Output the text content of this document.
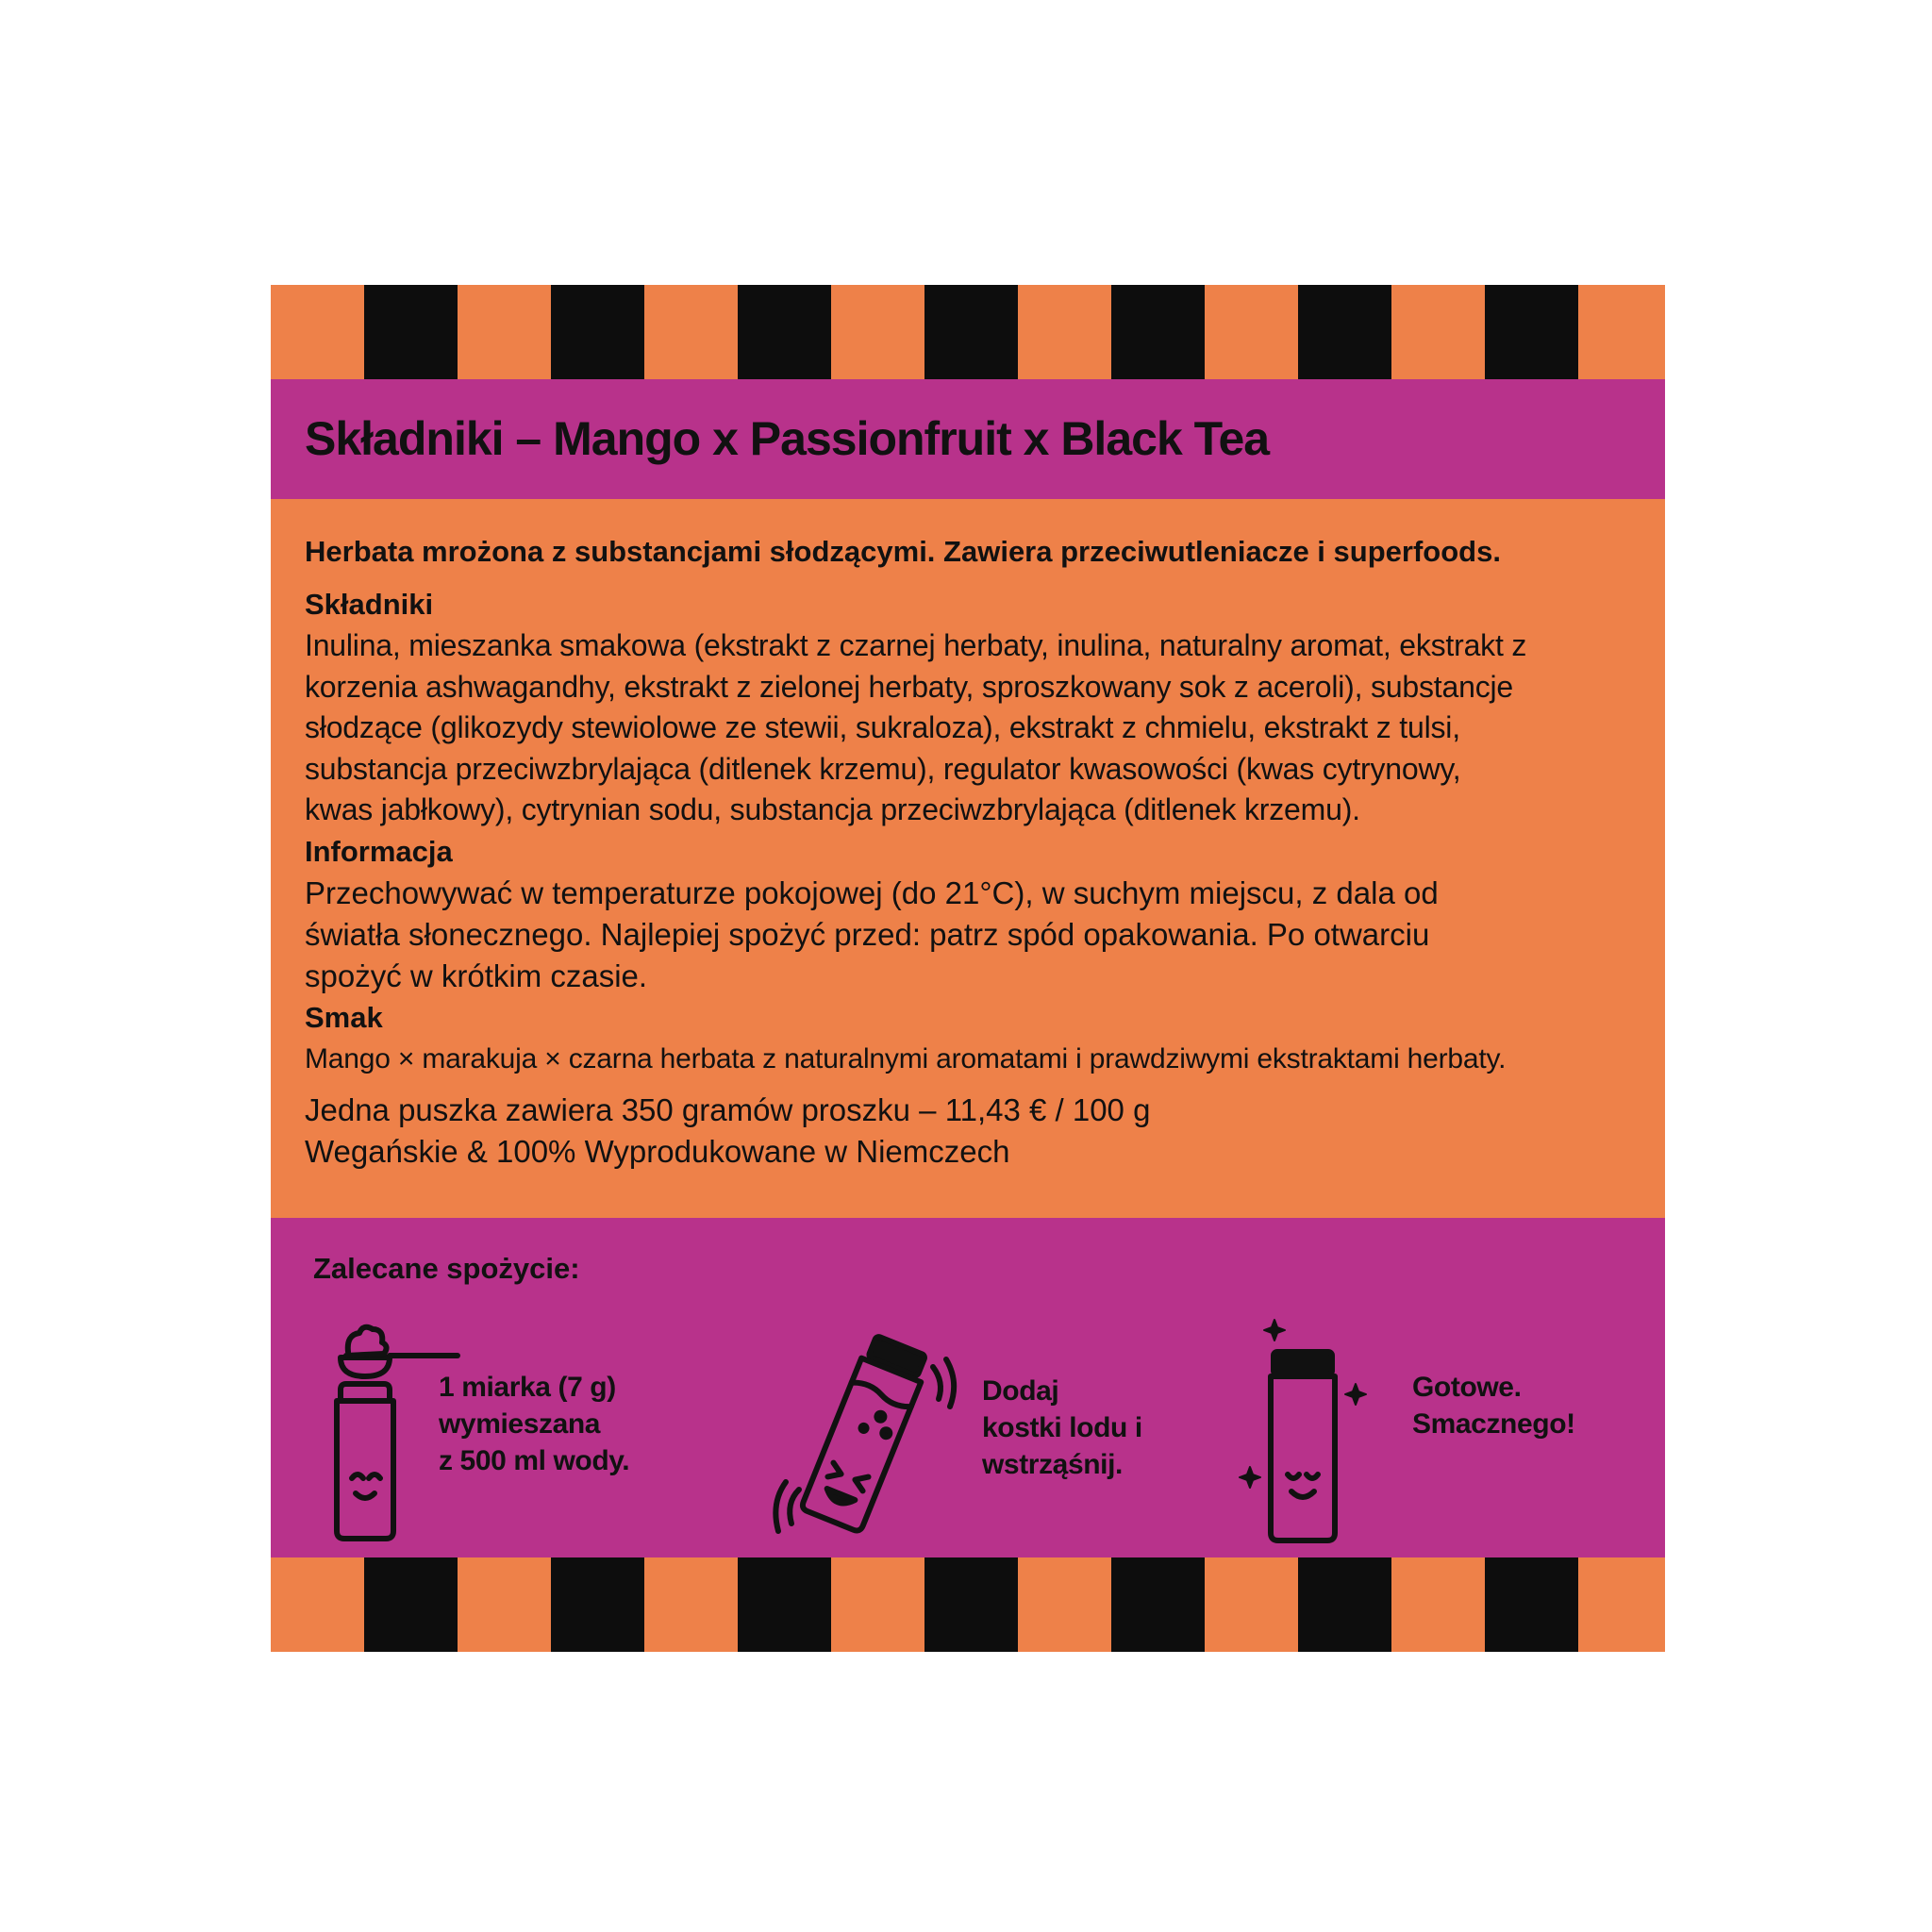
Składniki – Mango x Passionfruit x Black Tea

Herbata mrożona z substancjami słodzącymi. Zawiera przeciwutleniacze i superfoods.

Składniki

Inulina, mieszanka smakowa (ekstrakt z czarnej herbaty, inulina, naturalny aromat, ekstrakt z
korzenia ashwagandhy, ekstrakt z zielonej herbaty, sproszkowany sok z aceroli), substancje
słodzące (glikozydy stewiolowe ze stewii, sukraloza), ekstrakt z chmielu, ekstrakt z tulsi,
substancja przeciwzbrylająca (ditlenek krzemu), regulator kwasowości (kwas cytrynowy,
kwas jabłkowy), cytrynian sodu, substancja przeciwzbrylająca (ditlenek krzemu).

Informacja

Przechowywać w temperaturze pokojowej (do 21°C), w suchym miejscu, z dala od
światła słonecznego. Najlepiej spożyć przed: patrz spód opakowania. Po otwarciu
spożyć w krótkim czasie.

Smak

Mango × marakuja × czarna herbata z naturalnymi aromatami i prawdziwymi ekstraktami herbaty.

Jedna puszka zawiera 350 gramów proszku – 11,43 € / 100 g

Wegańskie & 100% Wyprodukowane w Niemczech

Zalecane spożycie:

1 miarka (7 g)
wymieszana
z 500 ml wody.

Dodaj
kostki lodu i
wstrząśnij.

Gotowe.
Smacznego!
